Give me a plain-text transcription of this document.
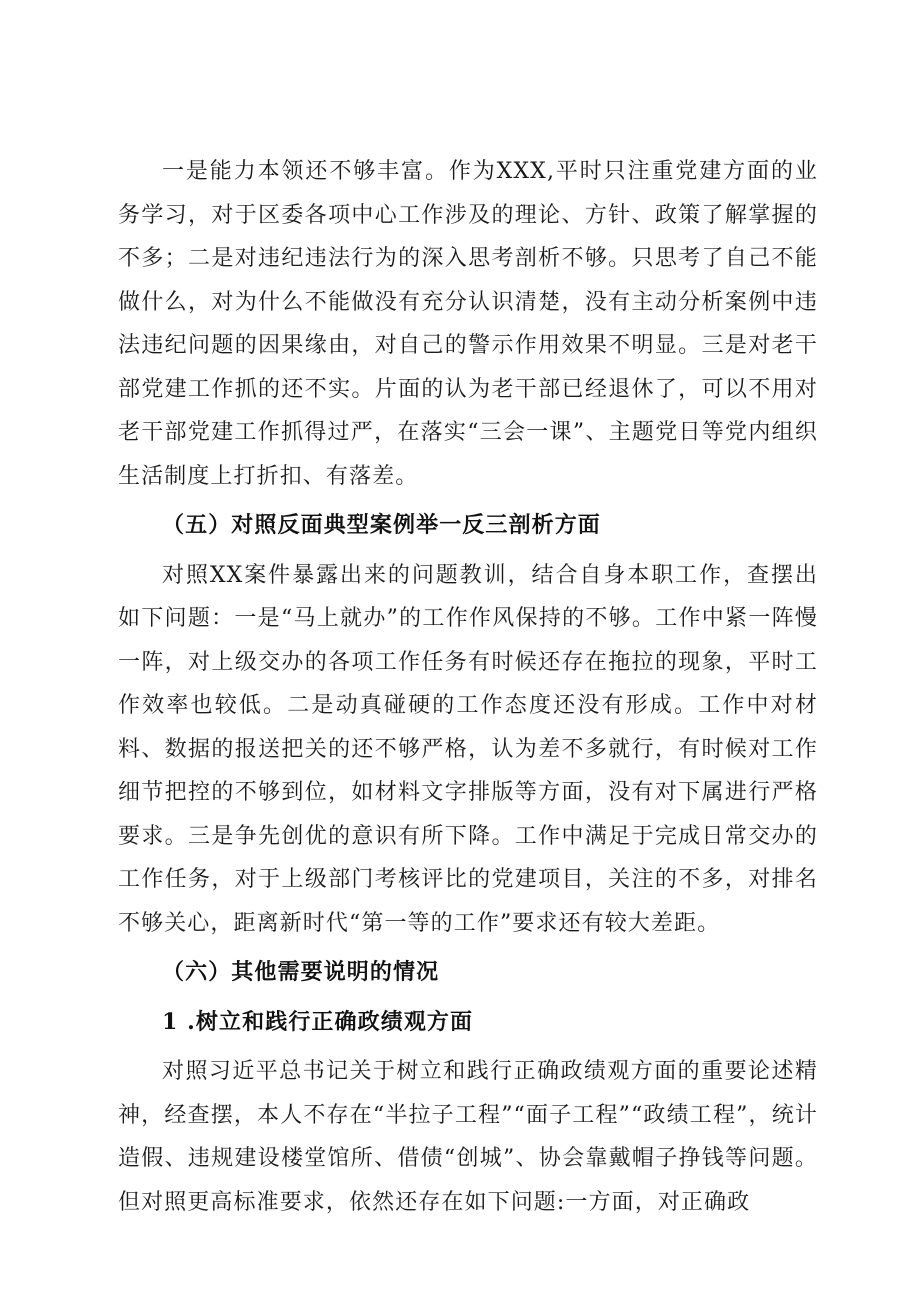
一是能力本领还不够丰富。作为XXX,平时只注重党建方面的业务学习，对于区委各项中心工作涉及的理论、方针、政策了解掌握的不多；二是对违纪违法行为的深入思考剖析不够。只思考了自己不能做什么，对为什么不能做没有充分认识清楚，没有主动分析案例中违法违纪问题的因果缘由，对自己的警示作用效果不明显。三是对老干部党建工作抓的还不实。片面的认为老干部已经退休了，可以不用对老干部党建工作抓得过严，在落实“三会一课”、主题党日等党内组织生活制度上打折扣、有落差。

（五）对照反面典型案例举一反三剖析方面

对照XX案件暴露出来的问题教训，结合自身本职工作，查摆出如下问题：一是“马上就办”的工作作风保持的不够。工作中紧一阵慢一阵，对上级交办的各项工作任务有时候还存在拖拉的现象，平时工作效率也较低。二是动真碰硬的工作态度还没有形成。工作中对材料、数据的报送把关的还不够严格，认为差不多就行，有时候对工作细节把控的不够到位，如材料文字排版等方面，没有对下属进行严格要求。三是争先创优的意识有所下降。工作中满足于完成日常交办的工作任务，对于上级部门考核评比的党建项目，关注的不多，对排名不够关心，距离新时代“第一等的工作”要求还有较大差距。

（六）其他需要说明的情况

1 .树立和践行正确政绩观方面

对照习近平总书记关于树立和践行正确政绩观方面的重要论述精神，经查摆，本人不存在“半拉子工程”“面子工程”“政绩工程”，统计造假、违规建设楼堂馆所、借债“创城”、协会靠戴帽子挣钱等问题。但对照更高标准要求，依然还存在如下问题:一方面，对正确政
